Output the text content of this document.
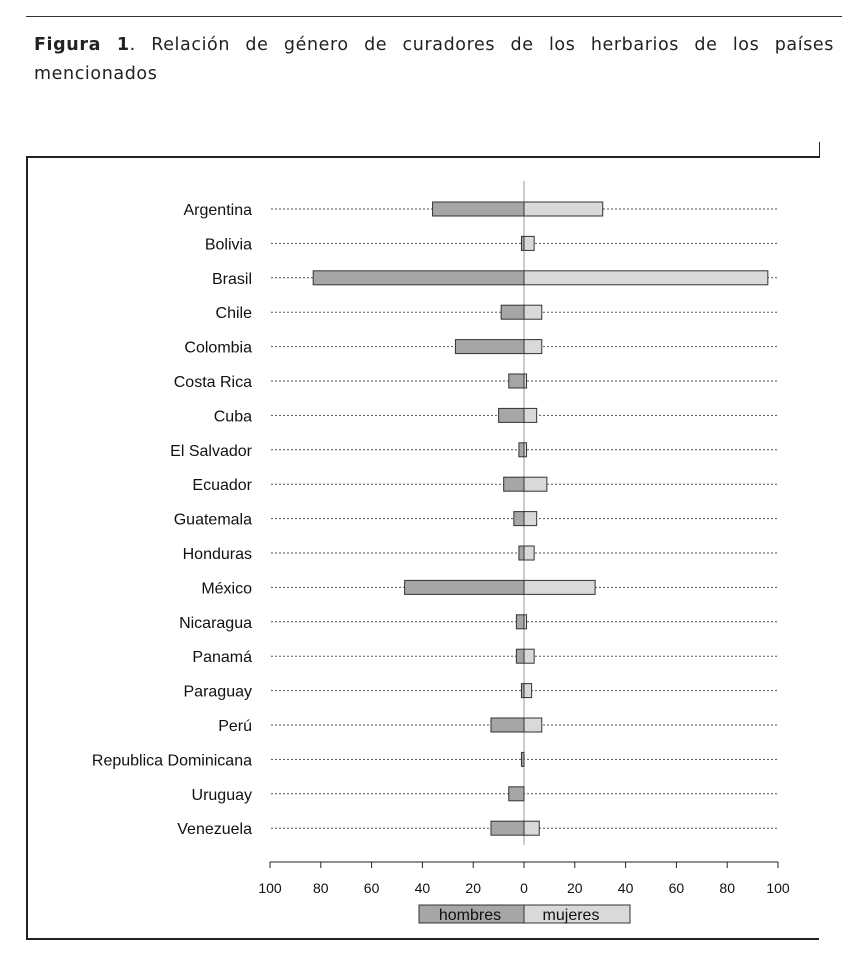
Figura 1. Relación de género de curadores de los herbarios de los países mencionados
Argentina
Bolivia
Brasil
Chile
Colombia
Costa Rica
Cuba
El Salvador
Ecuador
Guatemala
Honduras
México
Nicaragua
Panamá
Paraguay
Perú
Republica Dominicana
Uruguay
Venezuela
100 80	60	40	20	0	20	40	60	80 100
hombres	mujeres
